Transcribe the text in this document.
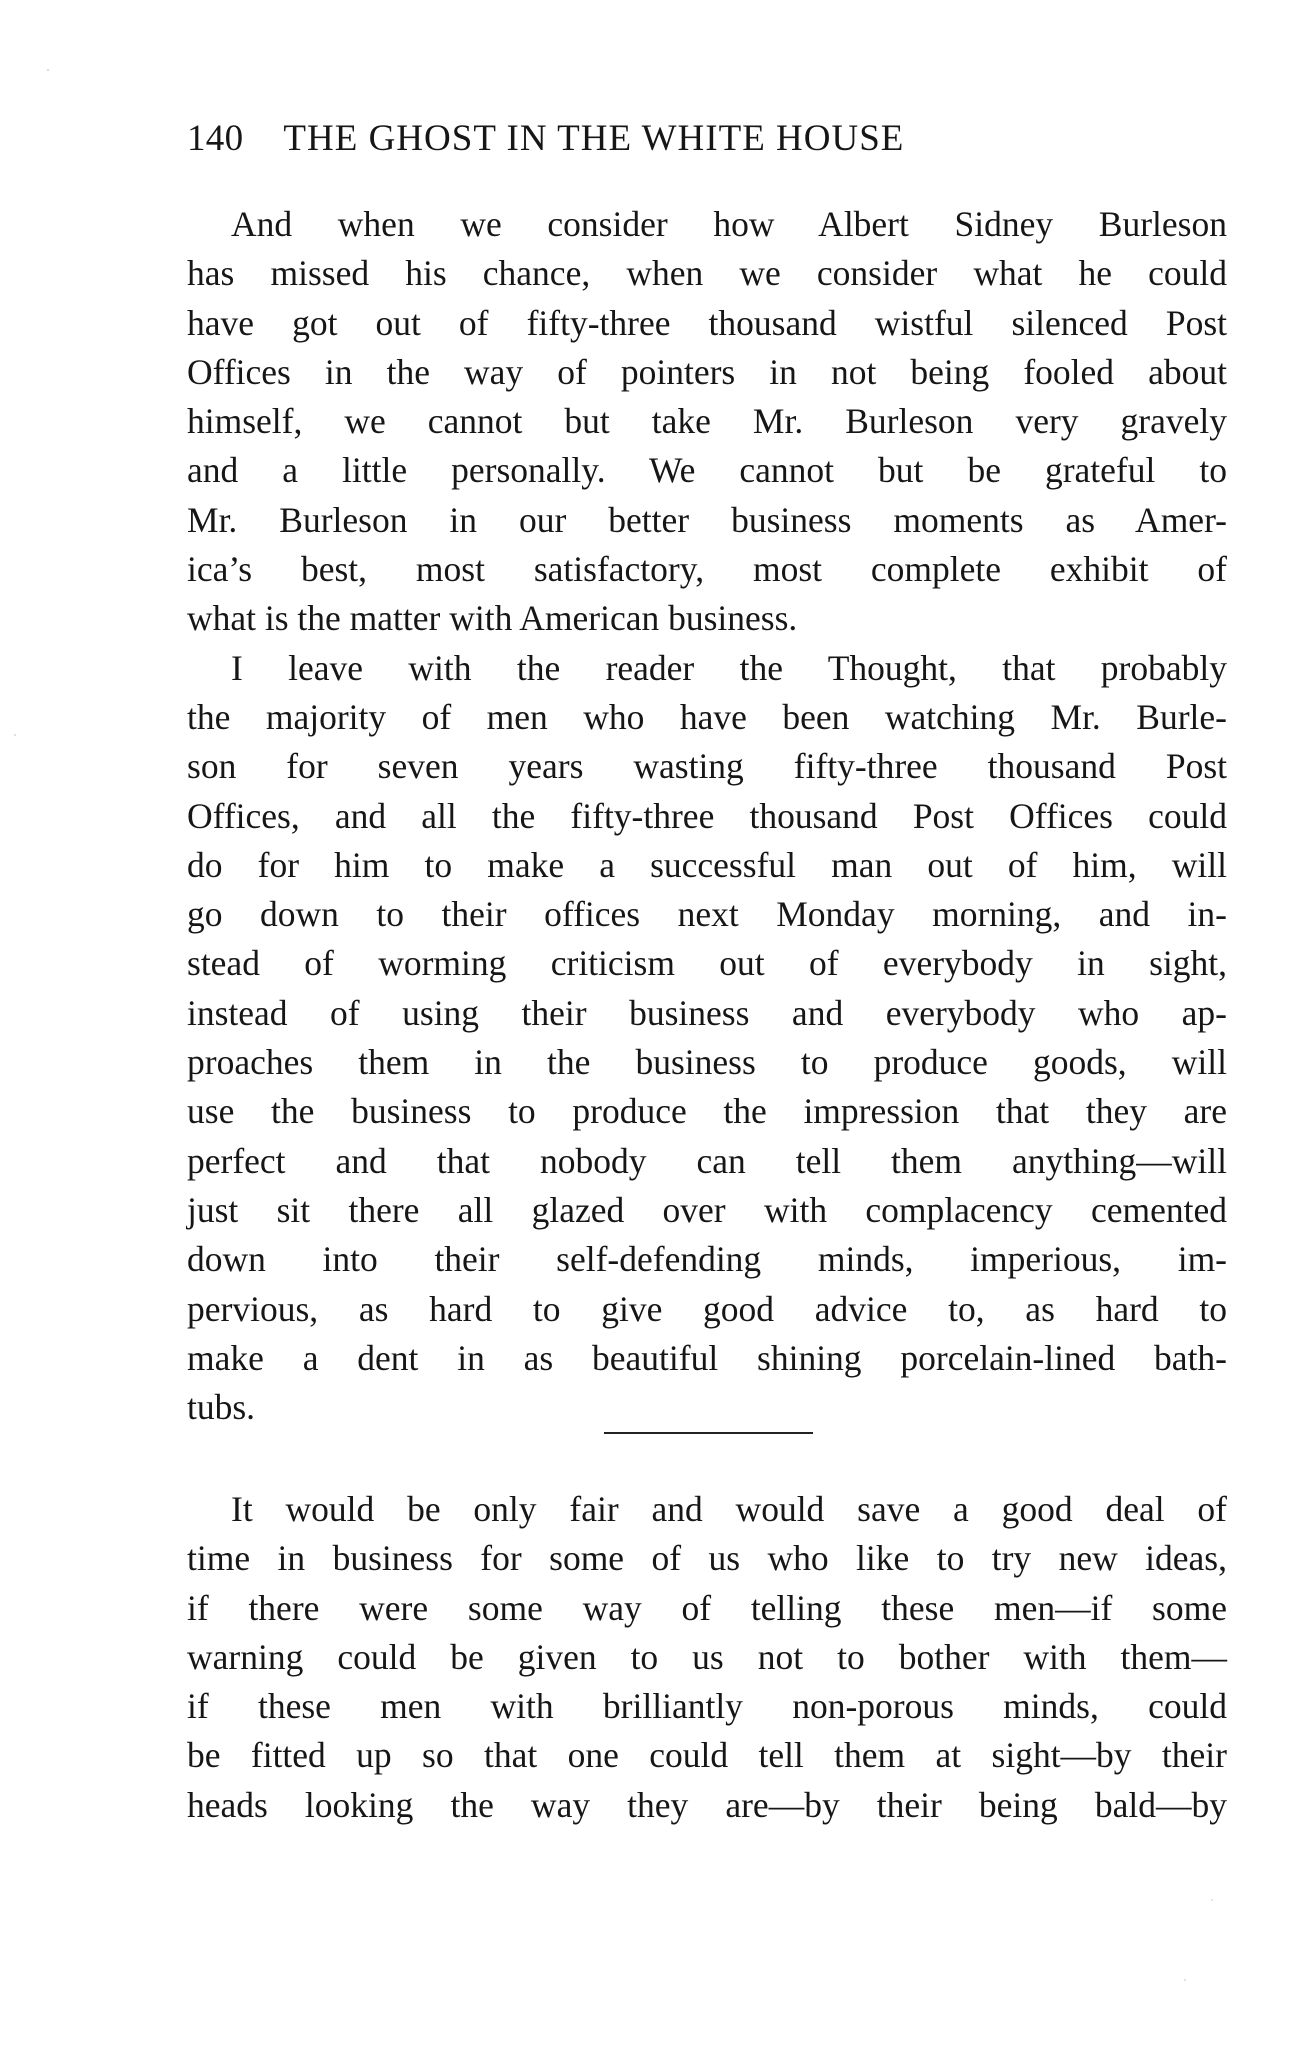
140 THE GHOST IN THE WHITE HOUSE
And when we consider how Albert Sidney Burleson
has missed his chance, when we consider what he could
have got out of fifty-three thousand wistful silenced Post
Offices in the way of pointers in not being fooled about
himself, we cannot but take Mr. Burleson very gravely
and a little personally. We cannot but be grateful to
Mr. Burleson in our better business moments as Amer-
ica’s best, most satisfactory, most complete exhibit of
what is the matter with American business.
I leave with the reader the Thought, that probably
the majority of men who have been watching Mr. Burle-
son for seven years wasting fifty-three thousand Post
Offices, and all the fifty-three thousand Post Offices could
do for him to make a successful man out of him, will
go down to their offices next Monday morning, and in-
stead of worming criticism out of everybody in sight,
instead of using their business and everybody who ap-
proaches them in the business to produce goods, will
use the business to produce the impression that they are
perfect and that nobody can tell them anything—will
just sit there all glazed over with complacency cemented
down into their self-defending minds, imperious, im-
pervious, as hard to give good advice to, as hard to
make a dent in as beautiful shining porcelain-lined bath-
tubs.
It would be only fair and would save a good deal of
time in business for some of us who like to try new ideas,
if there were some way of telling these men—if some
warning could be given to us not to bother with them—
if these men with brilliantly non-porous minds, could
be fitted up so that one could tell them at sight—by their
heads looking the way they are—by their being bald—by
